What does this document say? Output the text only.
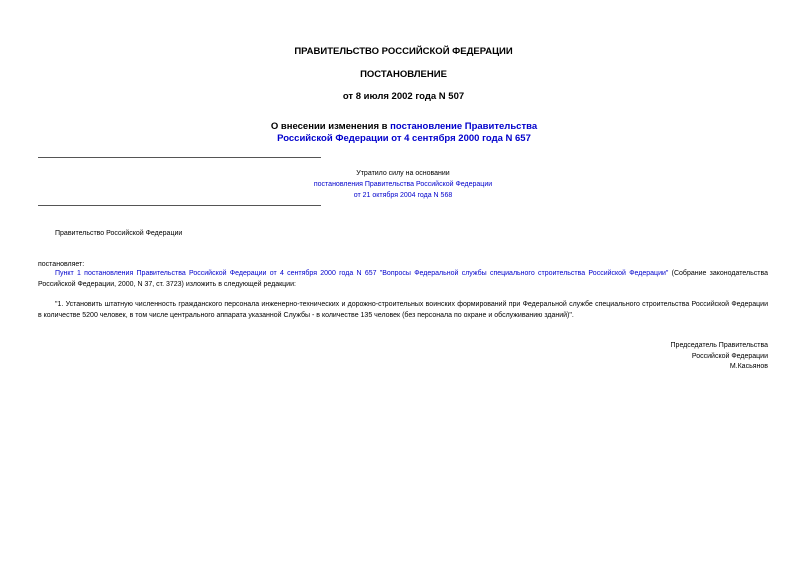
ПРАВИТЕЛЬСТВО РОССИЙСКОЙ ФЕДЕРАЦИИ
ПОСТАНОВЛЕНИЕ
от 8 июля 2002 года N 507
О внесении изменения в постановление Правительства
Российской Федерации от 4 сентября 2000 года N 657
Утратило силу на основании
постановления Правительства Российской Федерации
от 21 октября 2004 года N 568
Правительство Российской Федерации
постановляет:
Пункт 1 постановления Правительства Российской Федерации от 4 сентября 2000 года N 657 "Вопросы Федеральной службы специального строительства Российской Федерации" (Собрание законодательства Российской Федерации, 2000, N 37, ст. 3723) изложить в следующей редакции:
"1. Установить штатную численность гражданского персонала инженерно-технических и дорожно-строительных воинских формирований при Федеральной службе специального строительства Российской Федерации в количестве 5200 человек, в том числе центрального аппарата указанной Службы - в количестве 135 человек (без персонала по охране и обслуживанию зданий)".
Председатель Правительства
Российской Федерации
М.Касьянов
